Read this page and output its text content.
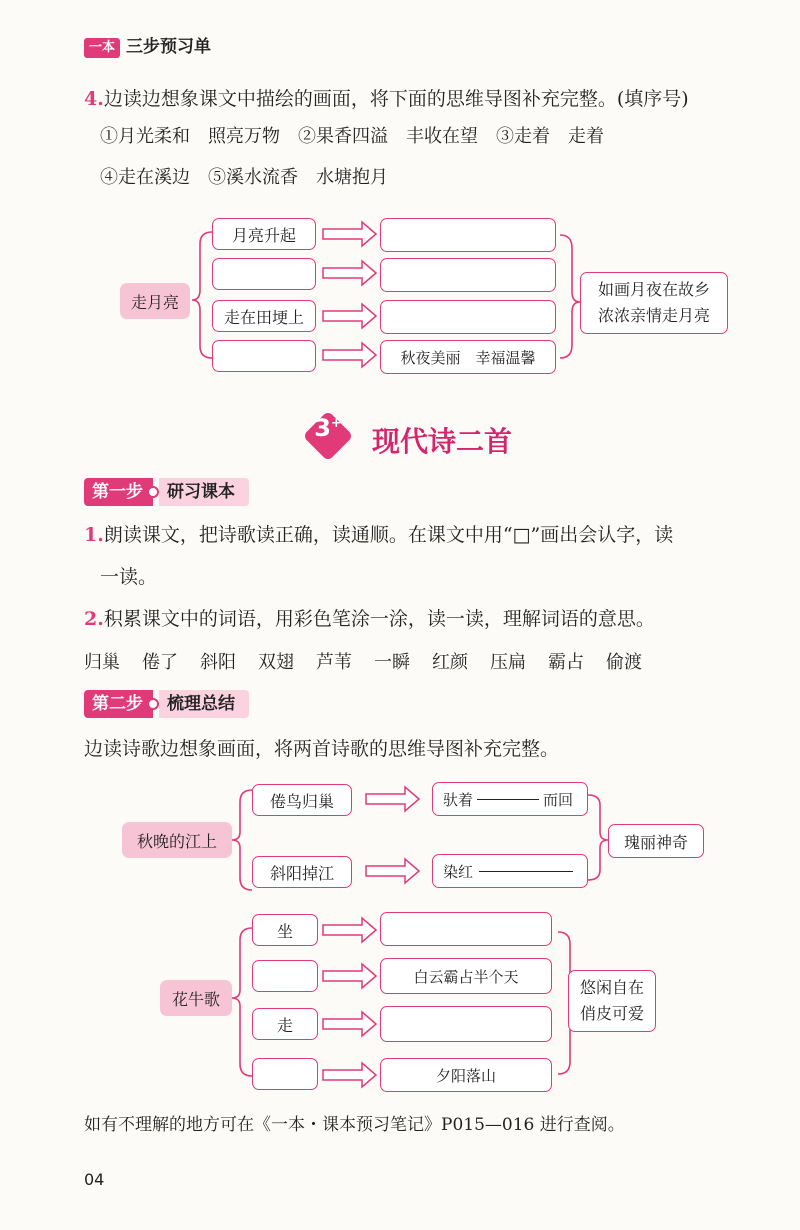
一本 三步预习单
4.边读边想象课文中描绘的画面，将下面的思维导图补充完整。(填序号)
①月光柔和　照亮万物　②果香四溢　丰收在望　③走着　走着
④走在溪边　⑤溪水流香　水塘抱月
走月亮
月亮升起
走在田埂上
秋夜美丽　幸福温馨
如画月夜在故乡
浓浓亲情走月亮
3+
现代诗二首
第一步	研习课本
1.朗读课文，把诗歌读正确，读通顺。在课文中用“□”画出会认字，读
一读。
2.积累课文中的词语，用彩色笔涂一涂，读一读，理解词语的意思。
归巢 倦了 斜阳 双翅 芦苇 一瞬 红颜 压扁 霸占 偷渡
第二步	梳理总结
边读诗歌边想象画面，将两首诗歌的思维导图补充完整。
秋晚的江上
倦鸟归巢
斜阳掉江
驮着	而回
染红
瑰丽神奇
花牛歌
坐
走
白云霸占半个天
夕阳落山
悠闲自在
俏皮可爱
如有不理解的地方可在《一本・课本预习笔记》P015—016 进行查阅。
04
